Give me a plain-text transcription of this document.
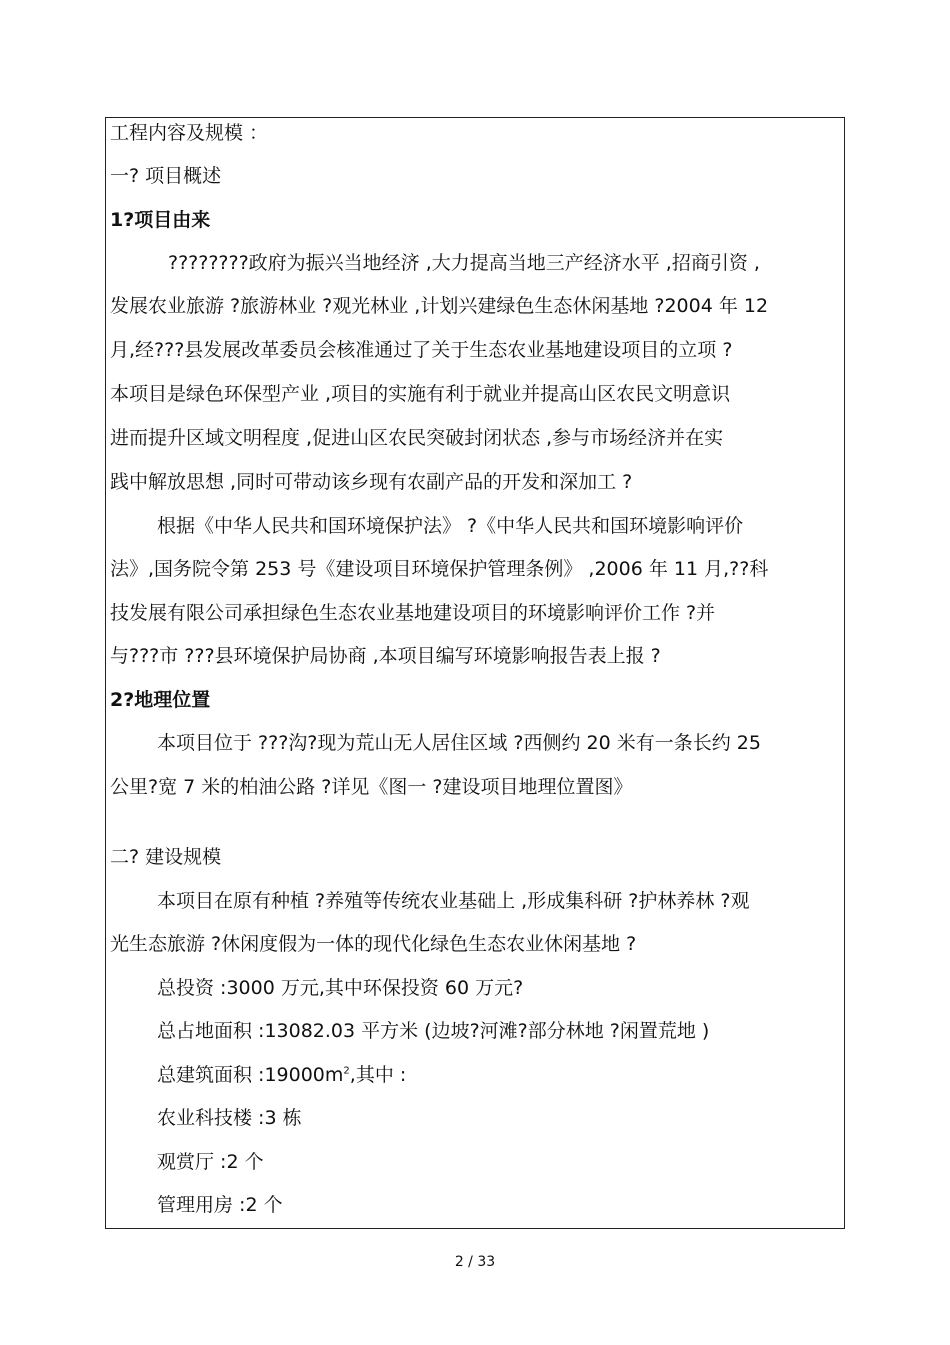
工程内容及规模 ：
一? 项目概述
1?项目由来
????????政府为振兴当地经济 ,大力提高当地三产经济水平 ,招商引资 ,
发展农业旅游 ?旅游林业 ?观光林业 ,计划兴建绿色生态休闲基地 ?2004 年 12
月,经???县发展改革委员会核准通过了关于生态农业基地建设项目的立项 ?
本项目是绿色环保型产业 ,项目的实施有利于就业并提高山区农民文明意识
进而提升区域文明程度 ,促进山区农民突破封闭状态 ,参与市场经济并在实
践中解放思想 ,同时可带动该乡现有农副产品的开发和深加工 ?
根据《中华人民共和国环境保护法》 ?《中华人民共和国环境影响评价
法》,国务院令第 253 号《建设项目环境保护管理条例》 ,2006 年 11 月,??科
技发展有限公司承担绿色生态农业基地建设项目的环境影响评价工作 ?并
与???市 ???县环境保护局协商 ,本项目编写环境影响报告表上报 ?
2?地理位置
本项目位于 ???沟?现为荒山无人居住区域 ?西侧约 20 米有一条长约 25
公里?宽 7 米的柏油公路 ?详见《图一 ?建设项目地理位置图》
二? 建设规模
本项目在原有种植 ?养殖等传统农业基础上 ,形成集科研 ?护林养林 ?观
光生态旅游 ?休闲度假为一体的现代化绿色生态农业休闲基地 ?
总投资 :3000 万元,其中环保投资 60 万元?
总占地面积 :13082.03 平方米 (边坡?河滩?部分林地 ?闲置荒地 )
总建筑面积 $:19000m^2$,其中 :
农业科技楼 :3 栋
观赏厅 :2 个
管理用房 :2 个
2 / 33
